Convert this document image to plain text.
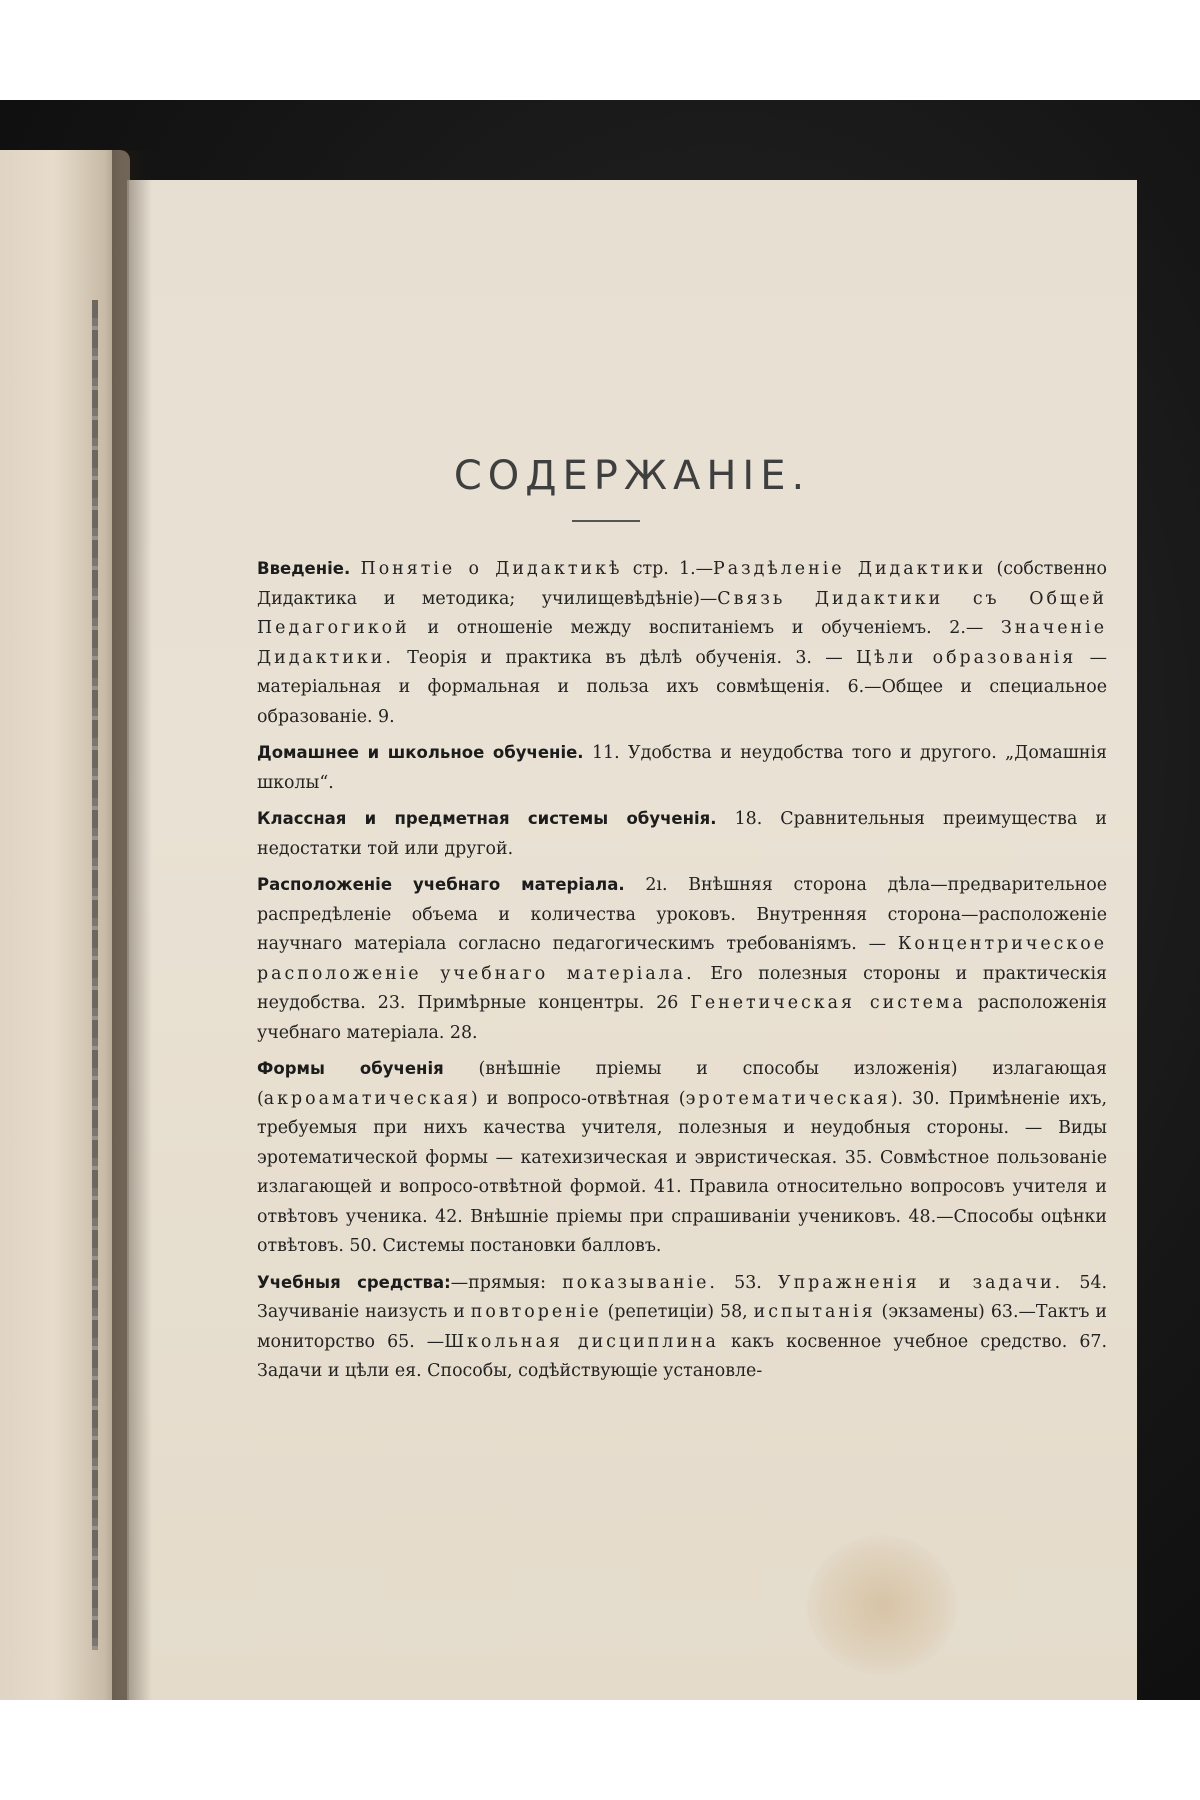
СОДЕРЖАНIЕ.

Введенiе. Понятiе о Дидактикѣ стр. 1.—Раздѣленiе Дидактики (собственно Дидактика и методика; училищевѣдѣнiе)—Связь Дидактики съ Общей Педагогикой и отношенiе между воспитанiемъ и обученiемъ. 2.— Значенiе Дидактики. Теорiя и практика въ дѣлѣ обученiя. 3. — Цѣли образованiя — матерiальная и формальная и польза ихъ совмѣщенiя. 6.—Общее и специальное образованiе. 9.

Домашнее и школьное обученiе. 11. Удобства и неудобства того и другого. „Домашнiя школы“.

Классная и предметная системы обученiя. 18. Сравнительныя преимущества и недостатки той или другой.

Расположенiе учебнаго матерiала. 2ı. Внѣшняя сторона дѣла—предварительное распредѣленiе объема и количества уроковъ. Внутренняя сторона—расположенiе научнаго матерiала согласно педагогическимъ требованiямъ. — Концентрическое расположенiе учебнаго матерiала. Его полезныя стороны и практическiя неудобства. 23. Примѣрные концентры. 26 Генетическая система расположенiя учебнаго матерiала. 28.

Формы обученiя (внѣшнiе прiемы и способы изложенiя) излагающая (акроаматическая) и вопросо-отвѣтная (эротематическая). 30. Примѣненiе ихъ, требуемыя при нихъ качества учителя, полезныя и неудобныя стороны. — Виды эротематической формы — катехизическая и эвристическая. 35. Совмѣстное пользованiе излагающей и вопросо-отвѣтной формой. 41. Правила относительно вопросовъ учителя и отвѣтовъ ученика. 42. Внѣшнiе прiемы при спрашиванiи учениковъ. 48.—Способы оцѣнки отвѣтовъ. 50. Системы постановки балловъ.

Учебныя средства:—прямыя: показыванiе. 53. Упражненiя и задачи. 54. Заучиванiе наизусть и повторенiе (репетицiи) 58, испытанiя (экзамены) 63.—Тактъ и мониторство 65. —Школьная дисциплина какъ косвенное учебное средство. 67. Задачи и цѣли ея. Способы, содѣйствующiе установле-
